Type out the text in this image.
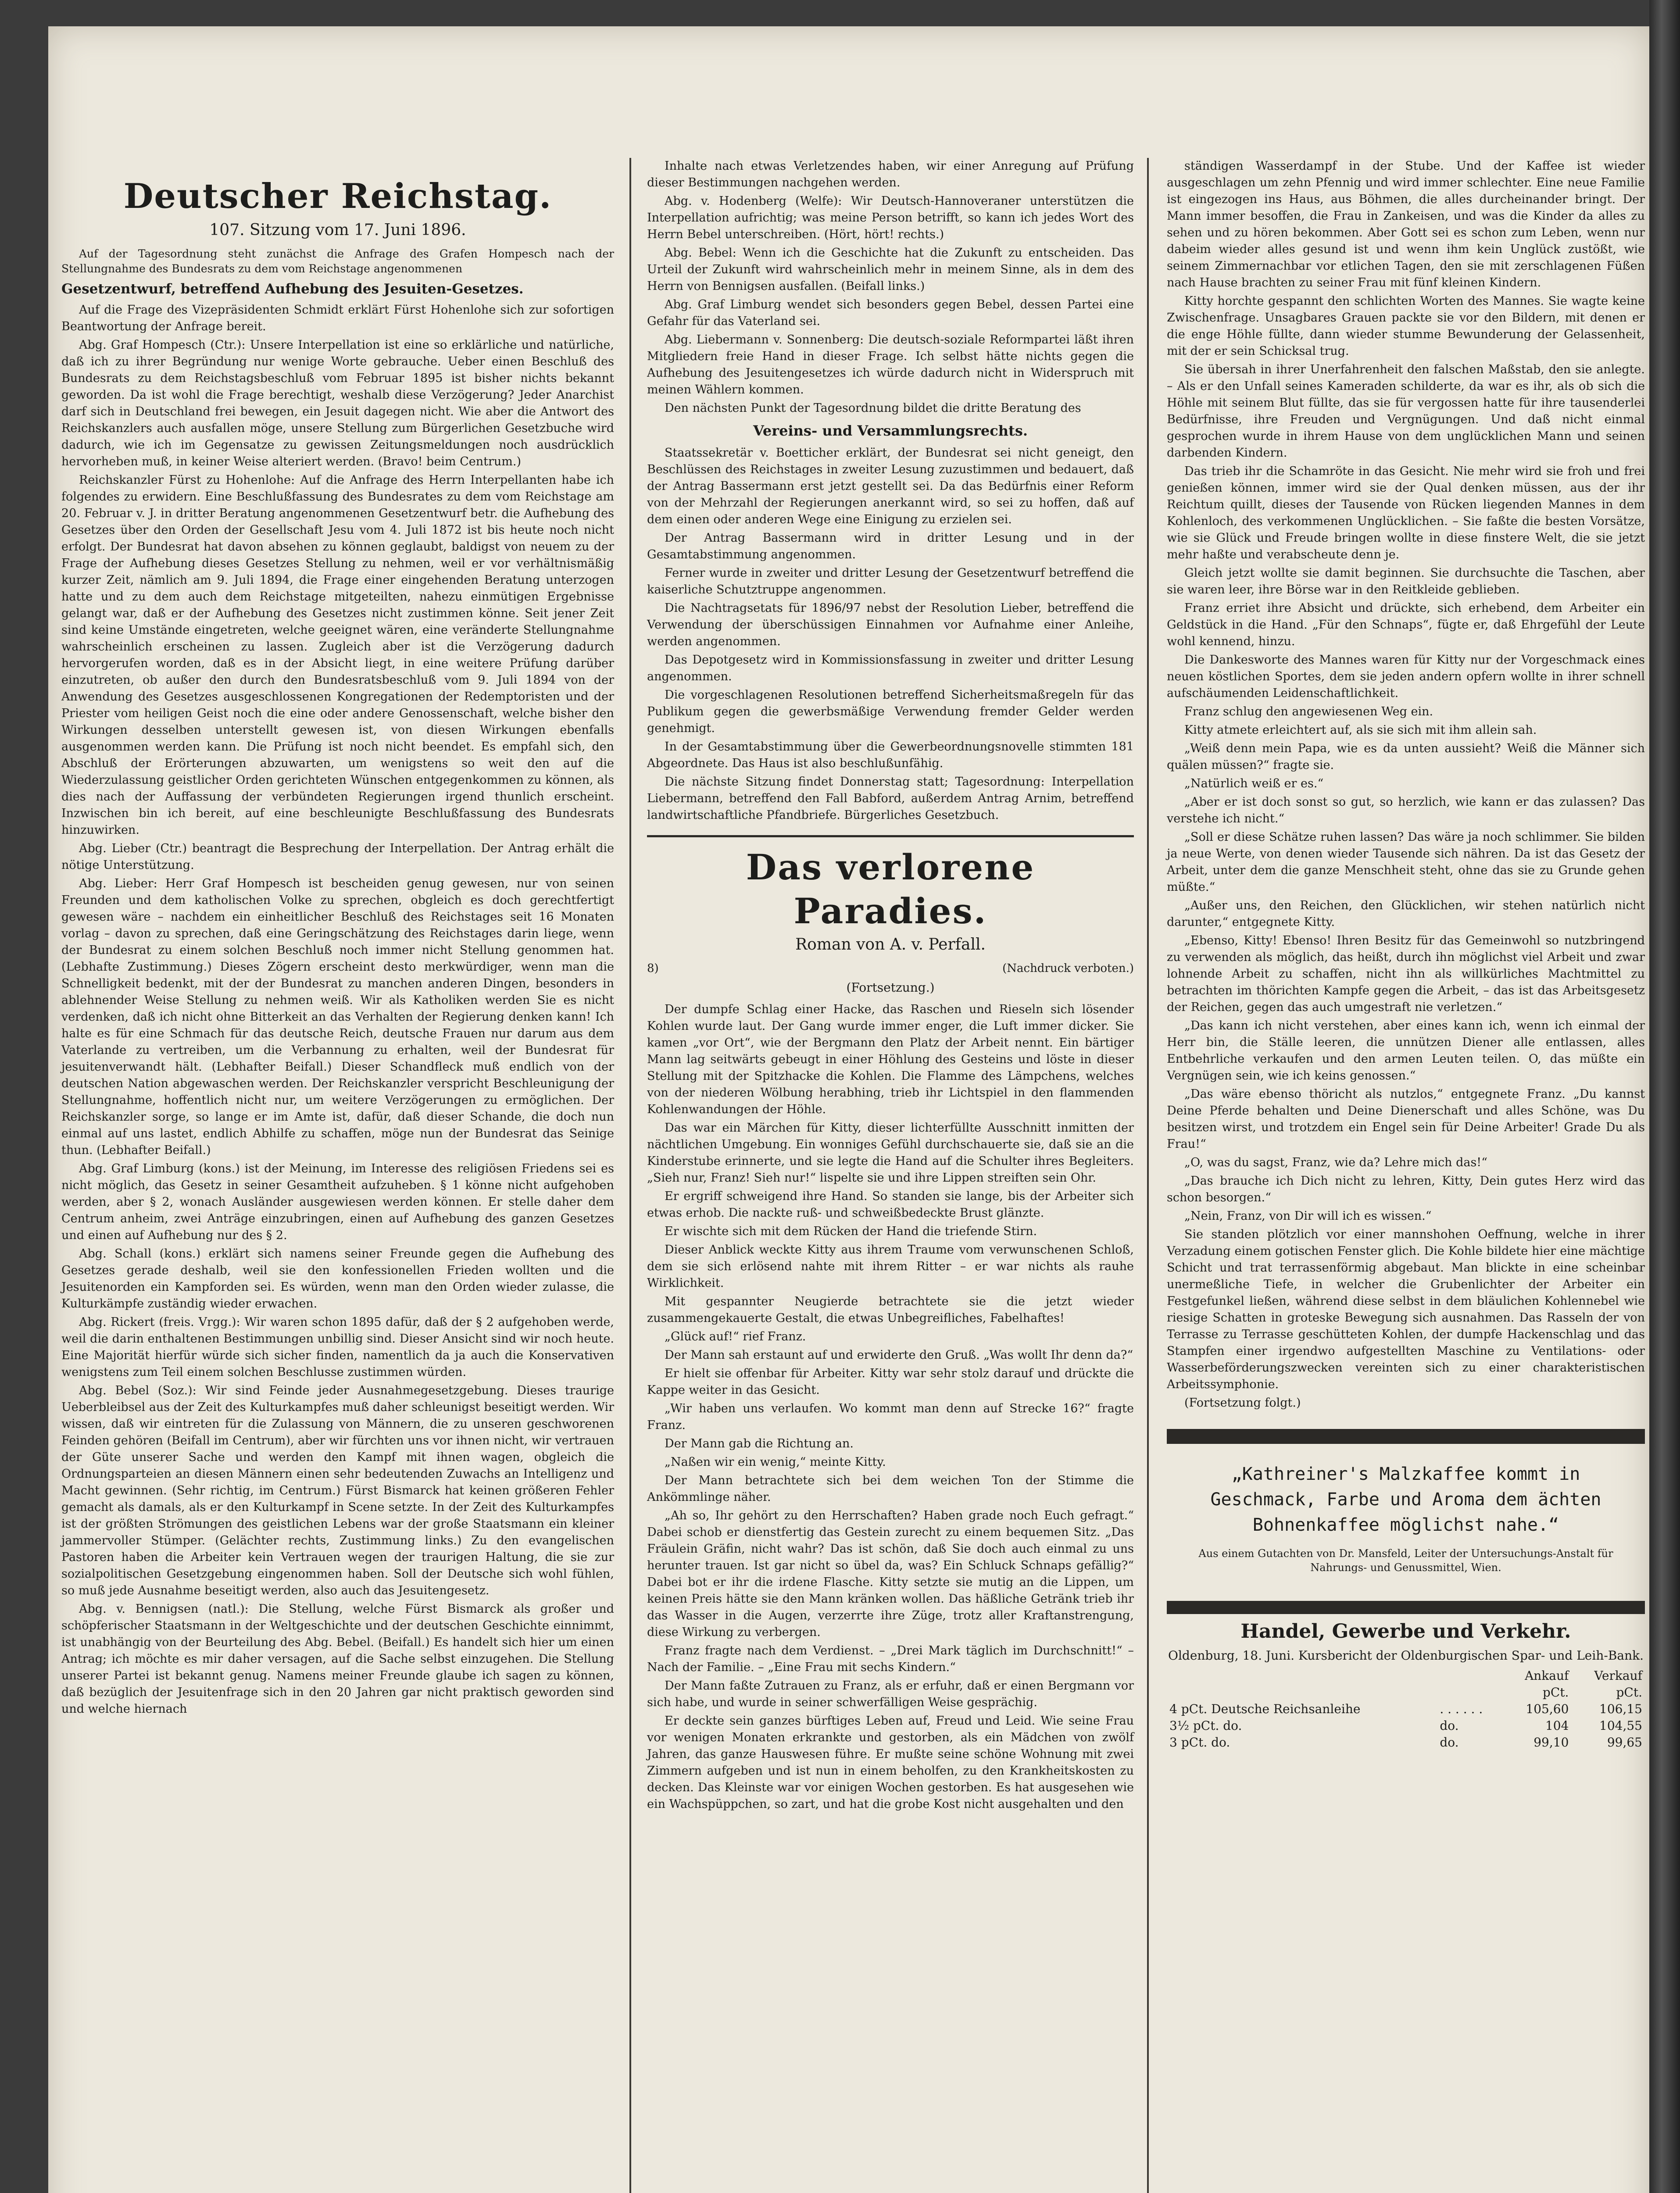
Deutscher Reichstag.
107. Sitzung vom 17. Juni 1896.

Auf der Tagesordnung steht zunächst die Anfrage des Grafen Hompesch nach der Stellungnahme des Bundesrats zu dem vom Reichstage angenommenen

Gesetzentwurf, betreffend Aufhebung des Jesuiten-Gesetzes.

Auf die Frage des Vizepräsidenten Schmidt erklärt Fürst Hohenlohe sich zur sofortigen Beantwortung der Anfrage bereit.

Abg. Graf Hompesch (Ctr.): Unsere Interpellation ist eine so erklärliche und natürliche, daß ich zu ihrer Begründung nur wenige Worte gebrauche. Ueber einen Beschluß des Bundesrats zu dem Reichstagsbeschluß vom Februar 1895 ist bisher nichts bekannt geworden. Da ist wohl die Frage berechtigt, weshalb diese Verzögerung? Jeder Anarchist darf sich in Deutschland frei bewegen, ein Jesuit dagegen nicht. Wie aber die Antwort des Reichskanzlers auch ausfallen möge, unsere Stellung zum Bürgerlichen Gesetzbuche wird dadurch, wie ich im Gegensatze zu gewissen Zeitungsmeldungen noch ausdrücklich hervorheben muß, in keiner Weise alteriert werden. (Bravo! beim Centrum.)

Reichskanzler Fürst zu Hohenlohe: Auf die Anfrage des Herrn Interpellanten habe ich folgendes zu erwidern. Eine Beschlußfassung des Bundesrates zu dem vom Reichstage am 20. Februar v. J. in dritter Beratung angenommenen Gesetzentwurf betr. die Aufhebung des Gesetzes über den Orden der Gesellschaft Jesu vom 4. Juli 1872 ist bis heute noch nicht erfolgt. Der Bundesrat hat davon absehen zu können geglaubt, baldigst von neuem zu der Frage der Aufhebung dieses Gesetzes Stellung zu nehmen, weil er vor verhältnismäßig kurzer Zeit, nämlich am 9. Juli 1894, die Frage einer eingehenden Beratung unterzogen hatte und zu dem auch dem Reichstage mitgeteilten, nahezu einmütigen Ergebnisse gelangt war, daß er der Aufhebung des Gesetzes nicht zustimmen könne. Seit jener Zeit sind keine Umstände eingetreten, welche geeignet wären, eine veränderte Stellungnahme wahrscheinlich erscheinen zu lassen. Zugleich aber ist die Verzögerung dadurch hervorgerufen worden, daß es in der Absicht liegt, in eine weitere Prüfung darüber einzutreten, ob außer den durch den Bundesratsbeschluß vom 9. Juli 1894 von der Anwendung des Gesetzes ausgeschlossenen Kongregationen der Redemptoristen und der Priester vom heiligen Geist noch die eine oder andere Genossenschaft, welche bisher den Wirkungen desselben unterstellt gewesen ist, von diesen Wirkungen ebenfalls ausgenommen werden kann. Die Prüfung ist noch nicht beendet. Es empfahl sich, den Abschluß der Erörterungen abzuwarten, um wenigstens so weit den auf die Wiederzulassung geistlicher Orden gerichteten Wünschen entgegenkommen zu können, als dies nach der Auffassung der verbündeten Regierungen irgend thunlich erscheint. Inzwischen bin ich bereit, auf eine beschleunigte Beschlußfassung des Bundesrats hinzuwirken.

Abg. Lieber (Ctr.) beantragt die Besprechung der Interpellation. Der Antrag erhält die nötige Unterstützung.

Abg. Lieber: Herr Graf Hompesch ist bescheiden genug gewesen, nur von seinen Freunden und dem katholischen Volke zu sprechen, obgleich es doch gerechtfertigt gewesen wäre – nachdem ein einheitlicher Beschluß des Reichstages seit 16 Monaten vorlag – davon zu sprechen, daß eine Geringschätzung des Reichstages darin liege, wenn der Bundesrat zu einem solchen Beschluß noch immer nicht Stellung genommen hat. (Lebhafte Zustimmung.) Dieses Zögern erscheint desto merkwürdiger, wenn man die Schnelligkeit bedenkt, mit der der Bundesrat zu manchen anderen Dingen, besonders in ablehnender Weise Stellung zu nehmen weiß. Wir als Katholiken werden Sie es nicht verdenken, daß ich nicht ohne Bitterkeit an das Verhalten der Regierung denken kann! Ich halte es für eine Schmach für das deutsche Reich, deutsche Frauen nur darum aus dem Vaterlande zu vertreiben, um die Verbannung zu erhalten, weil der Bundesrat für jesuitenverwandt hält. (Lebhafter Beifall.) Dieser Schandfleck muß endlich von der deutschen Nation abgewaschen werden. Der Reichskanzler verspricht Beschleunigung der Stellungnahme, hoffentlich nicht nur, um weitere Verzögerungen zu ermöglichen. Der Reichskanzler sorge, so lange er im Amte ist, dafür, daß dieser Schande, die doch nun einmal auf uns lastet, endlich Abhilfe zu schaffen, möge nun der Bundesrat das Seinige thun. (Lebhafter Beifall.)

Abg. Graf Limburg (kons.) ist der Meinung, im Interesse des religiösen Friedens sei es nicht möglich, das Gesetz in seiner Gesamtheit aufzuheben. § 1 könne nicht aufgehoben werden, aber § 2, wonach Ausländer ausgewiesen werden können. Er stelle daher dem Centrum anheim, zwei Anträge einzubringen, einen auf Aufhebung des ganzen Gesetzes und einen auf Aufhebung nur des § 2.

Abg. Schall (kons.) erklärt sich namens seiner Freunde gegen die Aufhebung des Gesetzes gerade deshalb, weil sie den konfessionellen Frieden wollten und die Jesuitenorden ein Kampforden sei. Es würden, wenn man den Orden wieder zulasse, die Kulturkämpfe zuständig wieder erwachen.

Abg. Rickert (freis. Vrgg.): Wir waren schon 1895 dafür, daß der § 2 aufgehoben werde, weil die darin enthaltenen Bestimmungen unbillig sind. Dieser Ansicht sind wir noch heute. Eine Majorität hierfür würde sich sicher finden, namentlich da ja auch die Konservativen wenigstens zum Teil einem solchen Beschlusse zustimmen würden.

Abg. Bebel (Soz.): Wir sind Feinde jeder Ausnahmegesetzgebung. Dieses traurige Ueberbleibsel aus der Zeit des Kulturkampfes muß daher schleunigst beseitigt werden. Wir wissen, daß wir eintreten für die Zulassung von Männern, die zu unseren geschworenen Feinden gehören (Beifall im Centrum), aber wir fürchten uns vor ihnen nicht, wir vertrauen der Güte unserer Sache und werden den Kampf mit ihnen wagen, obgleich die Ordnungsparteien an diesen Männern einen sehr bedeutenden Zuwachs an Intelligenz und Macht gewinnen. (Sehr richtig, im Centrum.) Fürst Bismarck hat keinen größeren Fehler gemacht als damals, als er den Kulturkampf in Scene setzte. In der Zeit des Kulturkampfes ist der größten Strömungen des geistlichen Lebens war der große Staatsmann ein kleiner jammervoller Stümper. (Gelächter rechts, Zustimmung links.) Zu den evangelischen Pastoren haben die Arbeiter kein Vertrauen wegen der traurigen Haltung, die sie zur sozialpolitischen Gesetzgebung eingenommen haben. Soll der Deutsche sich wohl fühlen, so muß jede Ausnahme beseitigt werden, also auch das Jesuitengesetz.

Abg. v. Bennigsen (natl.): Die Stellung, welche Fürst Bismarck als großer und schöpferischer Staatsmann in der Weltgeschichte und der deutschen Geschichte einnimmt, ist unabhängig von der Beurteilung des Abg. Bebel. (Beifall.) Es handelt sich hier um einen Antrag; ich möchte es mir daher versagen, auf die Sache selbst einzugehen. Die Stellung unserer Partei ist bekannt genug. Namens meiner Freunde glaube ich sagen zu können, daß bezüglich der Jesuitenfrage sich in den 20 Jahren gar nicht praktisch geworden sind und welche hiernach

Inhalte nach etwas Verletzendes haben, wir einer Anregung auf Prüfung dieser Bestimmungen nachgehen werden.

Abg. v. Hodenberg (Welfe): Wir Deutsch-Hannoveraner unterstützen die Interpellation aufrichtig; was meine Person betrifft, so kann ich jedes Wort des Herrn Bebel unterschreiben. (Hört, hört! rechts.)

Abg. Bebel: Wenn ich die Geschichte hat die Zukunft zu entscheiden. Das Urteil der Zukunft wird wahrscheinlich mehr in meinem Sinne, als in dem des Herrn von Bennigsen ausfallen. (Beifall links.)

Abg. Graf Limburg wendet sich besonders gegen Bebel, dessen Partei eine Gefahr für das Vaterland sei.

Abg. Liebermann v. Sonnenberg: Die deutsch-soziale Reformpartei läßt ihren Mitgliedern freie Hand in dieser Frage. Ich selbst hätte nichts gegen die Aufhebung des Jesuitengesetzes ich würde dadurch nicht in Widerspruch mit meinen Wählern kommen.

Den nächsten Punkt der Tagesordnung bildet die dritte Beratung des

Vereins- und Versammlungsrechts.

Staatssekretär v. Boetticher erklärt, der Bundesrat sei nicht geneigt, den Beschlüssen des Reichstages in zweiter Lesung zuzustimmen und bedauert, daß der Antrag Bassermann erst jetzt gestellt sei. Da das Bedürfnis einer Reform von der Mehrzahl der Regierungen anerkannt wird, so sei zu hoffen, daß auf dem einen oder anderen Wege eine Einigung zu erzielen sei.

Der Antrag Bassermann wird in dritter Lesung und in der Gesamtabstimmung angenommen.

Ferner wurde in zweiter und dritter Lesung der Gesetzentwurf betreffend die kaiserliche Schutztruppe angenommen.

Die Nachtragsetats für 1896/97 nebst der Resolution Lieber, betreffend die Verwendung der überschüssigen Einnahmen vor Aufnahme einer Anleihe, werden angenommen.

Das Depotgesetz wird in Kommissionsfassung in zweiter und dritter Lesung angenommen.

Die vorgeschlagenen Resolutionen betreffend Sicherheitsmaßregeln für das Publikum gegen die gewerbsmäßige Verwendung fremder Gelder werden genehmigt.

In der Gesamtabstimmung über die Gewerbeordnungsnovelle stimmten 181 Abgeordnete. Das Haus ist also beschlußunfähig.

Die nächste Sitzung findet Donnerstag statt; Tagesordnung: Interpellation Liebermann, betreffend den Fall Babford, außerdem Antrag Arnim, betreffend landwirtschaftliche Pfandbriefe. Bürgerliches Gesetzbuch.

Das verlorene Paradies.
Roman von A. v. Perfall.
8)	(Nachdruck verboten.)
(Fortsetzung.)

Der dumpfe Schlag einer Hacke, das Raschen und Rieseln sich lösender Kohlen wurde laut. Der Gang wurde immer enger, die Luft immer dicker. Sie kamen „vor Ort“, wie der Bergmann den Platz der Arbeit nennt. Ein bärtiger Mann lag seitwärts gebeugt in einer Höhlung des Gesteins und löste in dieser Stellung mit der Spitzhacke die Kohlen. Die Flamme des Lämpchens, welches von der niederen Wölbung herabhing, trieb ihr Lichtspiel in den flammenden Kohlenwandungen der Höhle.

Das war ein Märchen für Kitty, dieser lichterfüllte Ausschnitt inmitten der nächtlichen Umgebung. Ein wonniges Gefühl durchschauerte sie, daß sie an die Kinderstube erinnerte, und sie legte die Hand auf die Schulter ihres Begleiters. „Sieh nur, Franz! Sieh nur!“ lispelte sie und ihre Lippen streiften sein Ohr.

Er ergriff schweigend ihre Hand. So standen sie lange, bis der Arbeiter sich etwas erhob. Die nackte ruß- und schweißbedeckte Brust glänzte.

Er wischte sich mit dem Rücken der Hand die triefende Stirn.

Dieser Anblick weckte Kitty aus ihrem Traume vom verwunschenen Schloß, dem sie sich erlösend nahte mit ihrem Ritter – er war nichts als rauhe Wirklichkeit.

Mit gespannter Neugierde betrachtete sie die jetzt wieder zusammengekauerte Gestalt, die etwas Unbegreifliches, Fabelhaftes!

„Glück auf!“ rief Franz.

Der Mann sah erstaunt auf und erwiderte den Gruß. „Was wollt Ihr denn da?“

Er hielt sie offenbar für Arbeiter. Kitty war sehr stolz darauf und drückte die Kappe weiter in das Gesicht.

„Wir haben uns verlaufen. Wo kommt man denn auf Strecke 16?“ fragte Franz.

Der Mann gab die Richtung an.

„Naßen wir ein wenig,“ meinte Kitty.

Der Mann betrachtete sich bei dem weichen Ton der Stimme die Ankömmlinge näher.

„Ah so, Ihr gehört zu den Herrschaften? Haben grade noch Euch gefragt.“ Dabei schob er dienstfertig das Gestein zurecht zu einem bequemen Sitz. „Das Fräulein Gräfin, nicht wahr? Das ist schön, daß Sie doch auch einmal zu uns herunter trauen. Ist gar nicht so übel da, was? Ein Schluck Schnaps gefällig?“ Dabei bot er ihr die irdene Flasche. Kitty setzte sie mutig an die Lippen, um keinen Preis hätte sie den Mann kränken wollen. Das häßliche Getränk trieb ihr das Wasser in die Augen, verzerrte ihre Züge, trotz aller Kraftanstrengung, diese Wirkung zu verbergen.

Franz fragte nach dem Verdienst. – „Drei Mark täglich im Durchschnitt!“ – Nach der Familie. – „Eine Frau mit sechs Kindern.“

Der Mann faßte Zutrauen zu Franz, als er erfuhr, daß er einen Bergmann vor sich habe, und wurde in seiner schwerfälligen Weise gesprächig.

Er deckte sein ganzes bürftiges Leben auf, Freud und Leid. Wie seine Frau vor wenigen Monaten erkrankte und gestorben, als ein Mädchen von zwölf Jahren, das ganze Hauswesen führe. Er mußte seine schöne Wohnung mit zwei Zimmern aufgeben und ist nun in einem beholfen, zu den Krankheitskosten zu decken. Das Kleinste war vor einigen Wochen gestorben. Es hat ausgesehen wie ein Wachspüppchen, so zart, und hat die grobe Kost nicht ausgehalten und den

ständigen Wasserdampf in der Stube. Und der Kaffee ist wieder ausgeschlagen um zehn Pfennig und wird immer schlechter. Eine neue Familie ist eingezogen ins Haus, aus Böhmen, die alles durcheinander bringt. Der Mann immer besoffen, die Frau in Zankeisen, und was die Kinder da alles zu sehen und zu hören bekommen. Aber Gott sei es schon zum Leben, wenn nur dabeim wieder alles gesund ist und wenn ihm kein Unglück zustößt, wie seinem Zimmernachbar vor etlichen Tagen, den sie mit zerschlagenen Füßen nach Hause brachten zu seiner Frau mit fünf kleinen Kindern.

Kitty horchte gespannt den schlichten Worten des Mannes. Sie wagte keine Zwischenfrage. Unsagbares Grauen packte sie vor den Bildern, mit denen er die enge Höhle füllte, dann wieder stumme Bewunderung der Gelassenheit, mit der er sein Schicksal trug.

Sie übersah in ihrer Unerfahrenheit den falschen Maßstab, den sie anlegte. – Als er den Unfall seines Kameraden schilderte, da war es ihr, als ob sich die Höhle mit seinem Blut füllte, das sie für vergossen hatte für ihre tausenderlei Bedürfnisse, ihre Freuden und Vergnügungen. Und daß nicht einmal gesprochen wurde in ihrem Hause von dem unglücklichen Mann und seinen darbenden Kindern.

Das trieb ihr die Schamröte in das Gesicht. Nie mehr wird sie froh und frei genießen können, immer wird sie der Qual denken müssen, aus der ihr Reichtum quillt, dieses der Tausende von Rücken liegenden Mannes in dem Kohlenloch, des verkommenen Unglücklichen. – Sie faßte die besten Vorsätze, wie sie Glück und Freude bringen wollte in diese finstere Welt, die sie jetzt mehr haßte und verabscheute denn je.

Gleich jetzt wollte sie damit beginnen. Sie durchsuchte die Taschen, aber sie waren leer, ihre Börse war in den Reitkleide geblieben.

Franz erriet ihre Absicht und drückte, sich erhebend, dem Arbeiter ein Geldstück in die Hand. „Für den Schnaps“, fügte er, daß Ehrgefühl der Leute wohl kennend, hinzu.

Die Dankesworte des Mannes waren für Kitty nur der Vorgeschmack eines neuen köstlichen Sportes, dem sie jeden andern opfern wollte in ihrer schnell aufschäumenden Leidenschaftlichkeit.

Franz schlug den angewiesenen Weg ein.

Kitty atmete erleichtert auf, als sie sich mit ihm allein sah.

„Weiß denn mein Papa, wie es da unten aussieht? Weiß die Männer sich quälen müssen?“ fragte sie.

„Natürlich weiß er es.“

„Aber er ist doch sonst so gut, so herzlich, wie kann er das zulassen? Das verstehe ich nicht.“

„Soll er diese Schätze ruhen lassen? Das wäre ja noch schlimmer. Sie bilden ja neue Werte, von denen wieder Tausende sich nähren. Da ist das Gesetz der Arbeit, unter dem die ganze Menschheit steht, ohne das sie zu Grunde gehen müßte.“

„Außer uns, den Reichen, den Glücklichen, wir stehen natürlich nicht darunter,“ entgegnete Kitty.

„Ebenso, Kitty! Ebenso! Ihren Besitz für das Gemeinwohl so nutzbringend zu verwenden als möglich, das heißt, durch ihn möglichst viel Arbeit und zwar lohnende Arbeit zu schaffen, nicht ihn als willkürliches Machtmittel zu betrachten im thörichten Kampfe gegen die Arbeit, – das ist das Arbeitsgesetz der Reichen, gegen das auch umgestraft nie verletzen.“

„Das kann ich nicht verstehen, aber eines kann ich, wenn ich einmal der Herr bin, die Ställe leeren, die unnützen Diener alle entlassen, alles Entbehrliche verkaufen und den armen Leuten teilen. O, das müßte ein Vergnügen sein, wie ich keins genossen.“

„Das wäre ebenso thöricht als nutzlos,“ entgegnete Franz. „Du kannst Deine Pferde behalten und Deine Dienerschaft und alles Schöne, was Du besitzen wirst, und trotzdem ein Engel sein für Deine Arbeiter! Grade Du als Frau!“

„O, was du sagst, Franz, wie da? Lehre mich das!“

„Das brauche ich Dich nicht zu lehren, Kitty, Dein gutes Herz wird das schon besorgen.“

„Nein, Franz, von Dir will ich es wissen.“

Sie standen plötzlich vor einer mannshohen Oeffnung, welche in ihrer Verzadung einem gotischen Fenster glich. Die Kohle bildete hier eine mächtige Schicht und trat terrassenförmig abgebaut. Man blickte in eine scheinbar unermeßliche Tiefe, in welcher die Grubenlichter der Arbeiter ein Festgefunkel ließen, während diese selbst in dem bläulichen Kohlennebel wie riesige Schatten in groteske Bewegung sich ausnahmen. Das Rasseln der von Terrasse zu Terrasse geschütteten Kohlen, der dumpfe Hackenschlag und das Stampfen einer irgendwo aufgestellten Maschine zu Ventilations- oder Wasserbeförderungszwecken vereinten sich zu einer charakteristischen Arbeitssymphonie.

(Fortsetzung folgt.)

„Kathreiner's Malzkaffee kommt in Geschmack, Farbe und Aroma dem ächten Bohnenkaffee möglichst nahe.“

Aus einem Gutachten von Dr. Mansfeld, Leiter der Untersuchungs-Anstalt für Nahrungs- und Genussmittel, Wien.
Handel, Gewerbe und Verkehr.
Oldenburg, 18. Juni. Kursbericht der Oldenburgischen Spar- und Leih-Bank.
		Ankauf	Verkauf
		pCt.	pCt.
4 pCt. Deutsche Reichsanleihe	. . . . . .	105,60	106,15
3½ pCt. do.	do.	104	104,55
3 pCt. do.	do.	99,10	99,65
